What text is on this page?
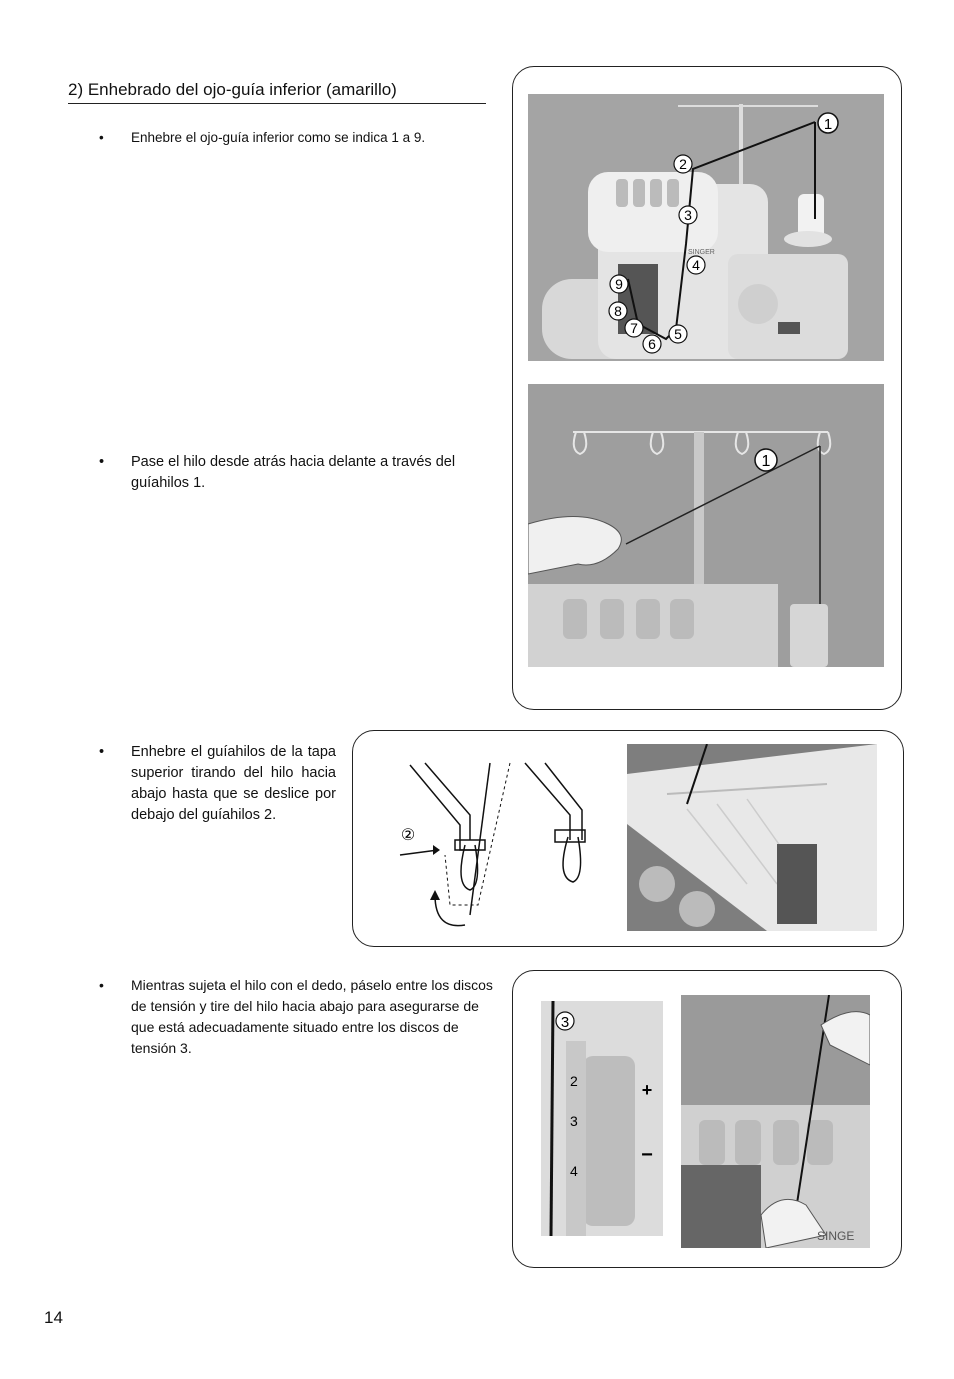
2) Enhebrado del ojo-guía inferior (amarillo)
• Enhebre el ojo-guía inferior como se indica 1 a 9.
• Pase el hilo desde atrás hacia delante a través del guíahilos 1.
• Enhebre el guíahilos de la tapa superior tirando del hilo hacia abajo hasta que se deslice por debajo del guíahilos 2.
• Mientras sujeta el hilo con el dedo, páselo entre los discos de tensión y tire del hilo hacia abajo para asegurarse de que está adecuadamente situado entre los discos de tensión 3.
SINGER
1
2
3
4
5
6
7
8
9
1
②
2
3
4
+
−
3
SINGE
14
